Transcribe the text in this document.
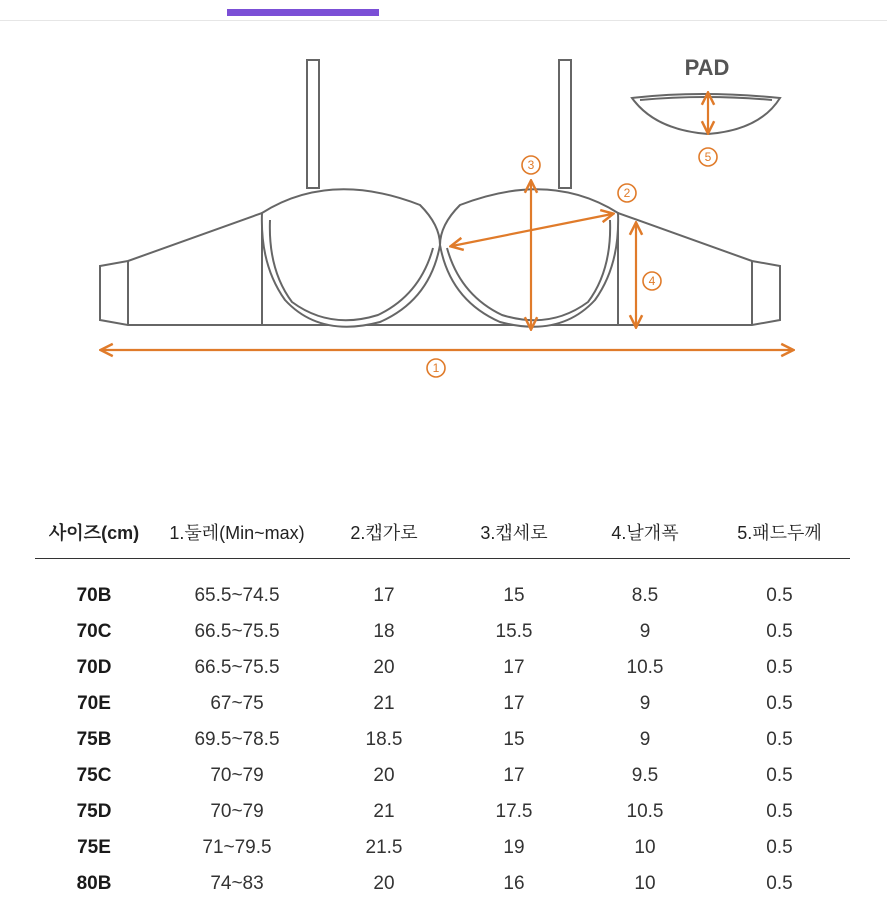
1
2
3
4
5
PAD
사이즈(cm)	1.둘레(Min~max)	2.캡가로	3.캡세로	4.날개폭	5.패드두께
70B	65.5~74.5	17	15	8.5	0.5
70C	66.5~75.5	18	15.5	9	0.5
70D	66.5~75.5	20	17	10.5	0.5
70E	67~75	21	17	9	0.5
75B	69.5~78.5	18.5	15	9	0.5
75C	70~79	20	17	9.5	0.5
75D	70~79	21	17.5	10.5	0.5
75E	71~79.5	21.5	19	10	0.5
80B	74~83	20	16	10	0.5
